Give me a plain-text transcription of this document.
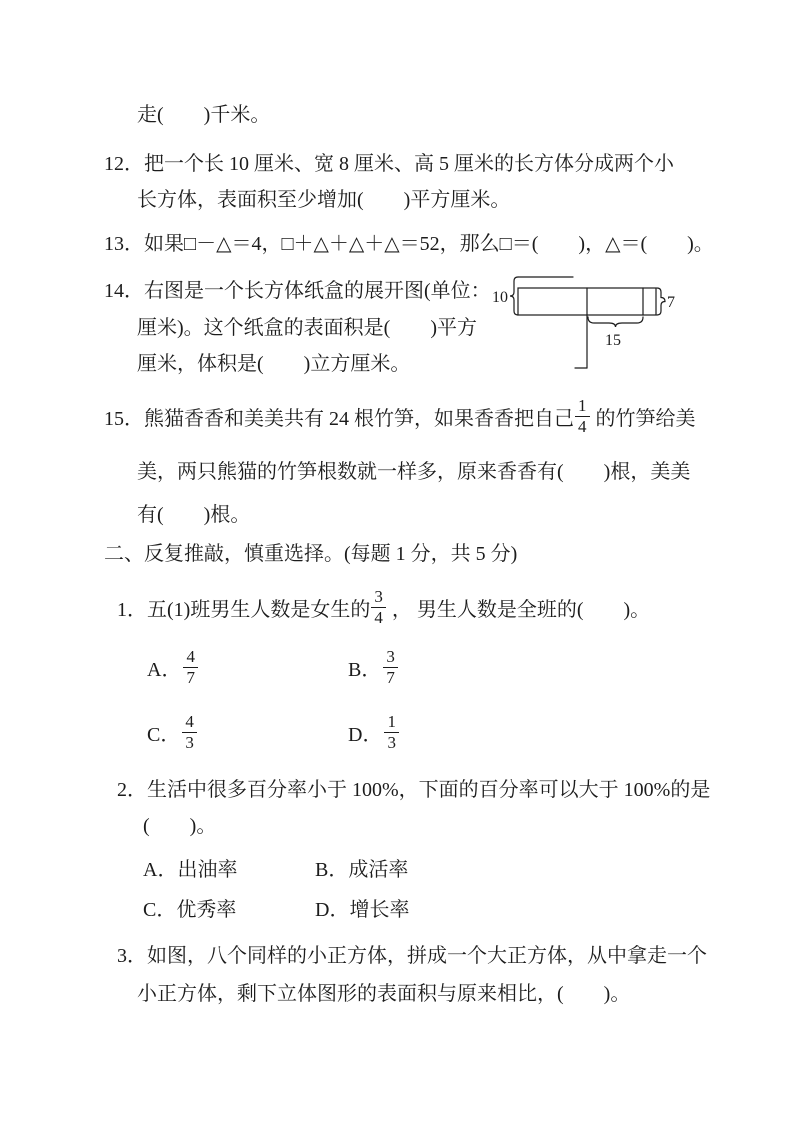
走(　　)千米。
12． 把一个长 10 厘米、宽 8 厘米、高 5 厘米的长方体分成两个小
长方体，表面积至少增加(　　)平方厘米。
13． 如果□－△＝4，□＋△＋△＋△＝52，那么□＝(　　)，△＝(　　)。
14． 右图是一个长方体纸盒的展开图(单位：
厘米)。这个纸盒的表面积是(　　)平方
厘米，体积是(　　)立方厘米。
10	7
15
15． 熊猫香香和美美共有 24 根竹笋，如果香香把自己 $\frac{1}{4}$ 的竹笋给美
美，两只熊猫的竹笋根数就一样多，原来香香有(　　)根，美美
有(　　)根。
二、反复推敲，慎重选择。(每题 1 分，共 5 分)
1． 五(1)班男生人数是女生的 $\frac{3}{4}$ ， 男生人数是全班的(　　)。
A． $\frac{4}{7}$	B． $\frac{3}{7}$
C． $\frac{4}{3}$	D． $\frac{1}{3}$
2． 生活中很多百分率小于 100%，下面的百分率可以大于 100%的是
(　　)。
A． 出油率	B． 成活率
C． 优秀率	D． 增长率
3． 如图，八个同样的小正方体，拼成一个大正方体，从中拿走一个
小正方体，剩下立体图形的表面积与原来相比，(　　)。
